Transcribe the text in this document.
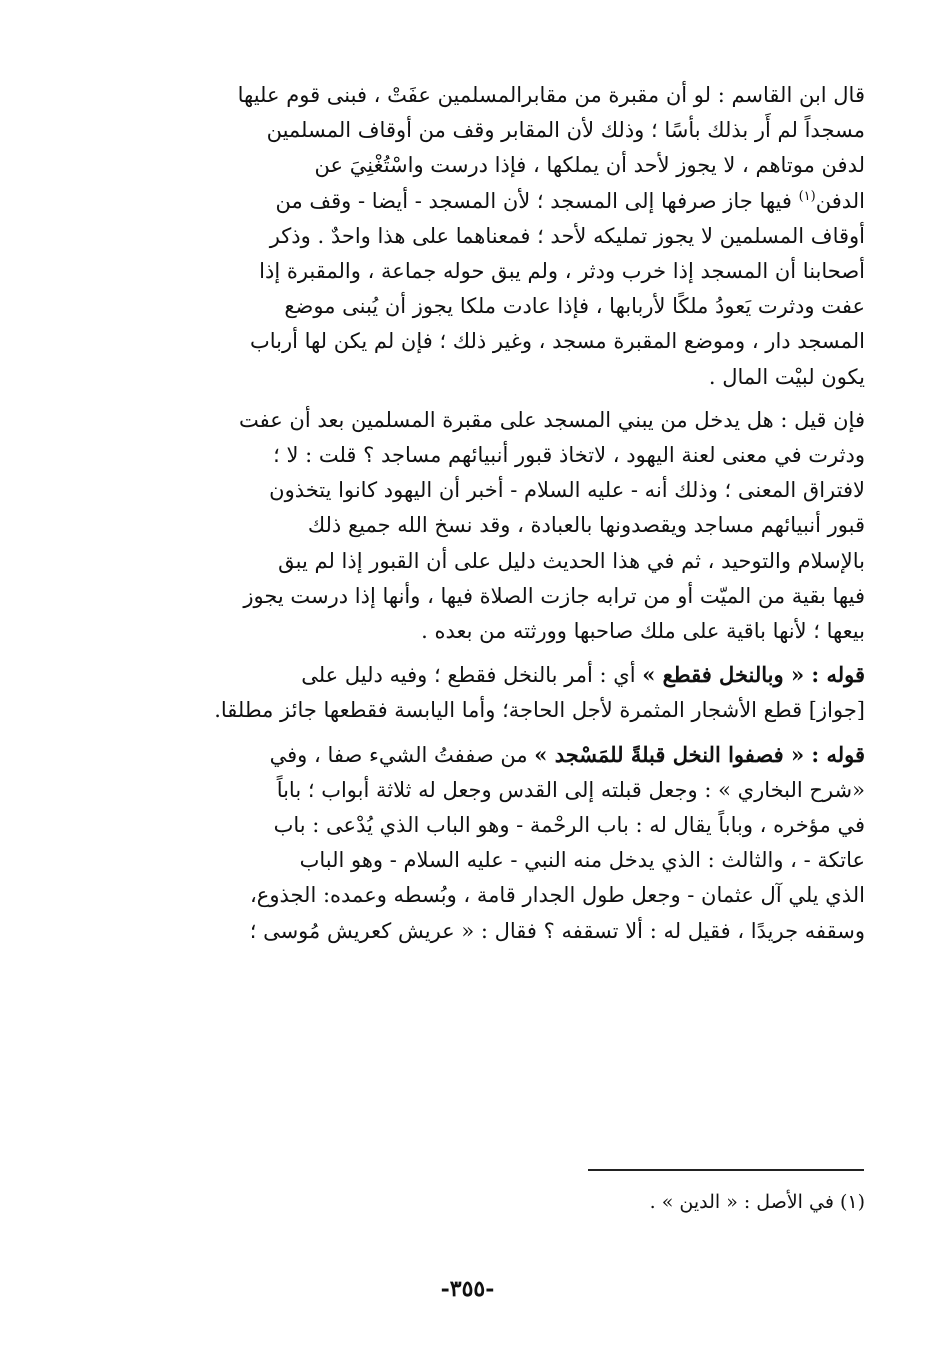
قال ابن القاسم : لو أن مقبرة من مقابرالمسلمين عفَتْ ، فبنى قوم عليها
مسجداً لم أَر بذلك بأسًا ؛ وذلك لأن المقابر وقف من أوقاف المسلمين
لدفن موتاهم ، لا يجوز لأحد أن يملكها ، فإذا درست واسْتُغْنِيَ عن
الدفن$^{(١)}$ فيها جاز صرفها إلى المسجد ؛ لأن المسجد - أيضا - وقف من
أوقاف المسلمين لا يجوز تمليكه لأحد ؛ فمعناهما على هذا واحدٌ . وذكر
أصحابنا أن المسجد إذا خرب ودثر ، ولم يبق حوله جماعة ، والمقبرة إذا
عفت ودثرت يَعودُ ملكًا لأربابها ، فإذا عادت ملكا يجوز أن يُبنى موضع
المسجد دار ، وموضع المقبرة مسجد ، وغير ذلك ؛ فإن لم يكن لها أرباب
يكون لبيْت المال .

فإن قيل : هل يدخل من يبني المسجد على مقبرة المسلمين بعد أن عفت
ودثرت في معنى لعنة اليهود ، لاتخاذ قبور أنبيائهم مساجد ؟ قلت : لا ؛
لافتراق المعنى ؛ وذلك أنه - عليه السلام - أخبر أن اليهود كانوا يتخذون
قبور أنبيائهم مساجد ويقصدونها بالعبادة ، وقد نسخ الله جميع ذلك
بالإسلام والتوحيد ، ثم في هذا الحديث دليل على أن القبور إذا لم يبق
فيها بقية من الميّت أو من ترابه جازت الصلاة فيها ، وأنها إذا درست يجوز
بيعها ؛ لأنها باقية على ملك صاحبها وورثته من بعده .

قوله : « وبالنخل فقطع » أي : أمر بالنخل فقطع ؛ وفيه دليل على
[جواز] قطع الأشجار المثمرة لأجل الحاجة؛ وأما اليابسة فقطعها جائز مطلقا.

قوله : « فصفوا النخل قبلةً للمَسْجد » من صففتُ الشيء صفا ، وفي
«شرح البخاري » : وجعل قبلته إلى القدس وجعل له ثلاثة أبواب ؛ باباً
في مؤخره ، وباباً يقال له : باب الرحْمة - وهو الباب الذي يُدْعى : باب
عاتكة - ، والثالث : الذي يدخل منه النبي - عليه السلام - وهو الباب
الذي يلي آل عثمان - وجعل طول الجدار قامة ، وبُسطه وعمده: الجذوع،
وسقفه جريدًا ، فقيل له : ألا تسقفه ؟ فقال : « عريش كعريش مُوسى ؛

(١) في الأصل : « الدين » .
-٣٥٥-
